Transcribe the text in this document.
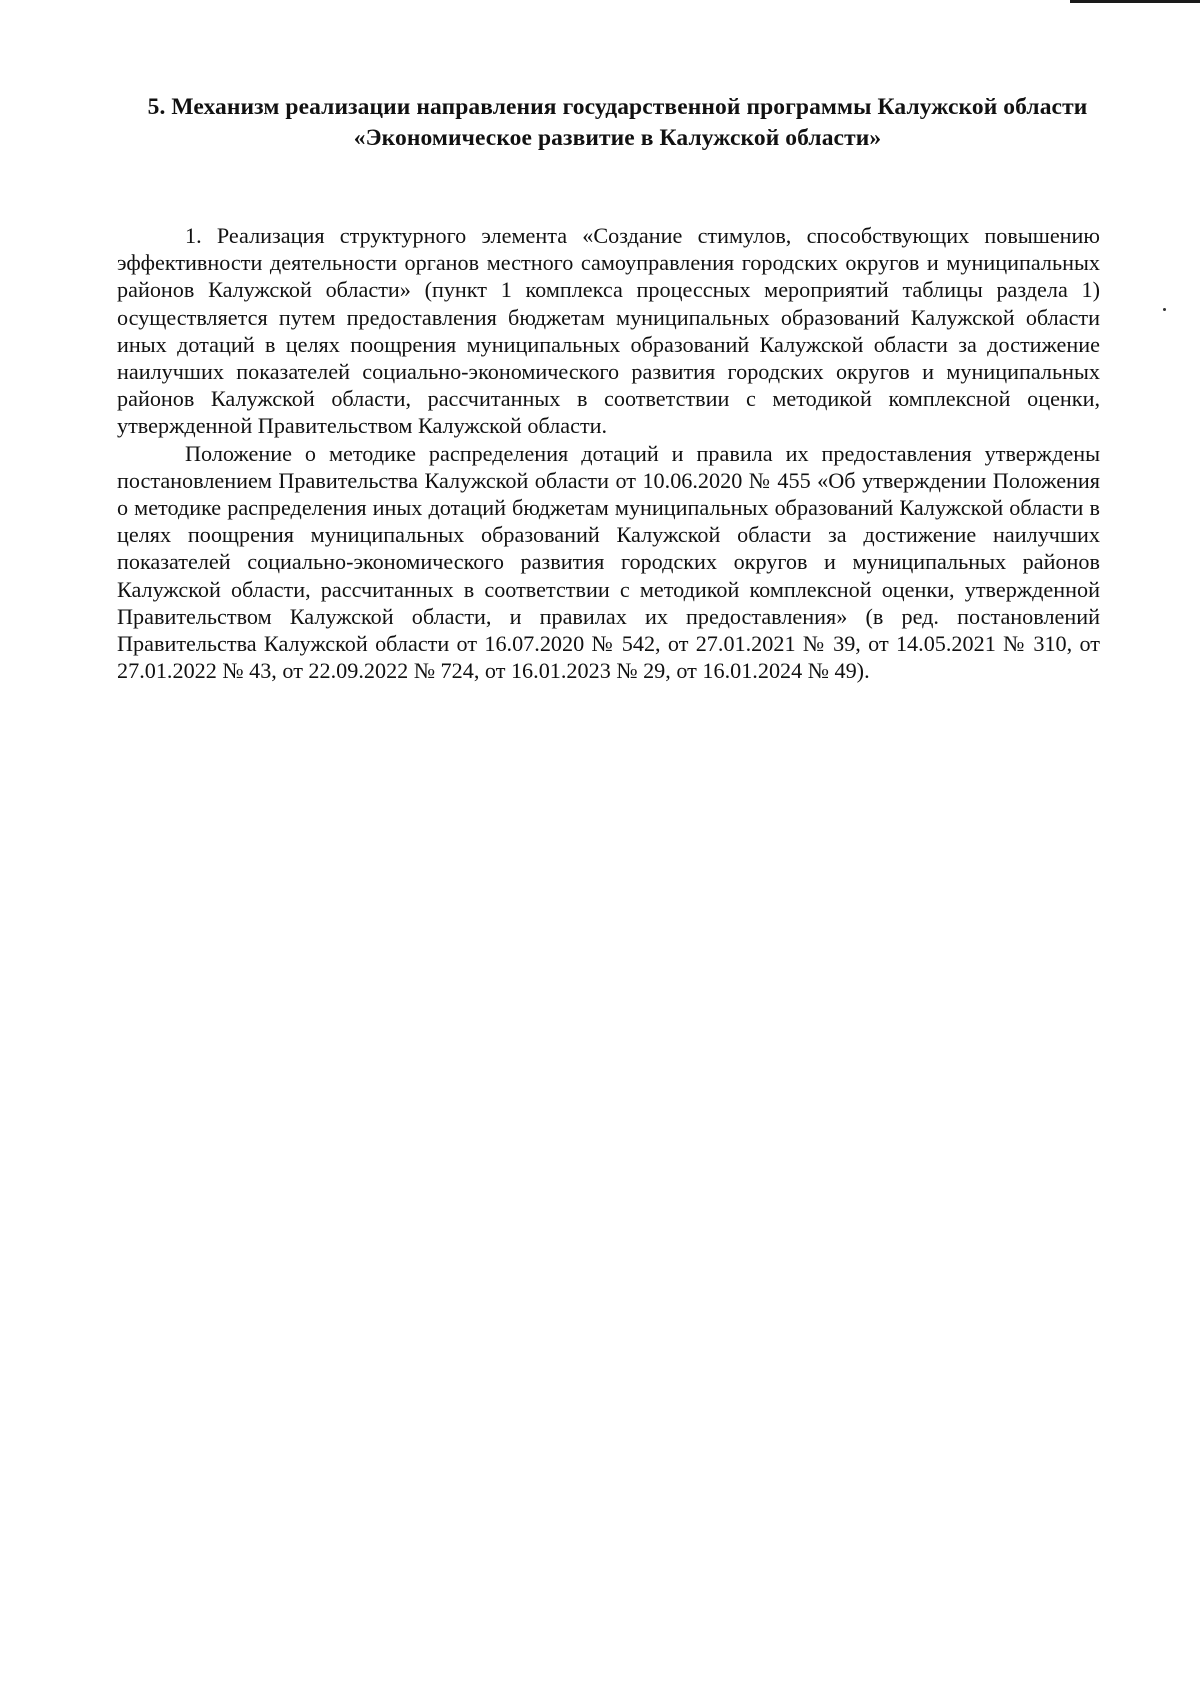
5. Механизм реализации направления государственной программы Калужской области «Экономическое развитие в Калужской области»

1. Реализация структурного элемента «Создание стимулов, способствующих повышению эффективности деятельности органов местного самоуправления городских округов и муниципальных районов Калужской области» (пункт 1 комплекса процессных мероприятий таблицы раздела 1) осуществляется путем предоставления бюджетам муниципальных образований Калужской области иных дотаций в целях поощрения муниципальных образований Калужской области за достижение наилучших показателей социально-экономического развития городских округов и муниципальных районов Калужской области, рассчитанных в соответствии с методикой комплексной оценки, утвержденной Правительством Калужской области.

Положение о методике распределения дотаций и правила их предоставления утверждены постановлением Правительства Калужской области от 10.06.2020 № 455 «Об утверждении Положения о методике распределения иных дотаций бюджетам муниципальных образований Калужской области в целях поощрения муниципальных образований Калужской области за достижение наилучших показателей социально-экономического развития городских округов и муниципальных районов Калужской области, рассчитанных в соответствии с методикой комплексной оценки, утвержденной Правительством Калужской области, и правилах их предоставления» (в ред. постановлений Правительства Калужской области от 16.07.2020 № 542, от 27.01.2021 № 39, от 14.05.2021 № 310, от 27.01.2022 № 43, от 22.09.2022 № 724, от 16.01.2023 № 29, от 16.01.2024 № 49).
